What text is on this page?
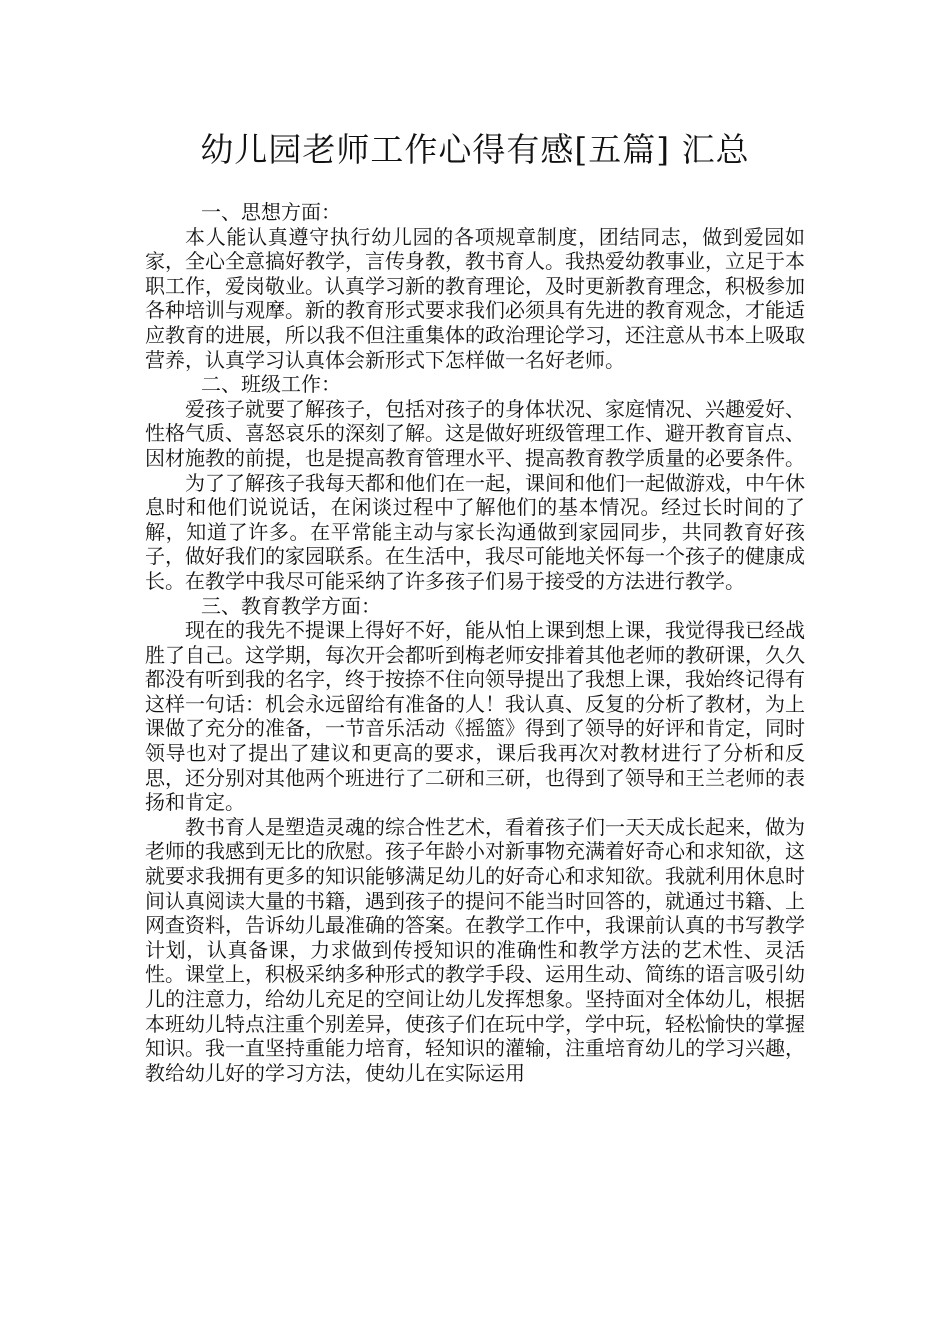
幼儿园老师工作心得有感[五篇] 汇总

一、思想方面：

本人能认真遵守执行幼儿园的各项规章制度，团结同志，做到爱园如家，全心全意搞好教学，言传身教，教书育人。我热爱幼教事业，立足于本职工作，爱岗敬业。认真学习新的教育理论，及时更新教育理念，积极参加各种培训与观摩。新的教育形式要求我们必须具有先进的教育观念，才能适应教育的进展，所以我不但注重集体的政治理论学习，还注意从书本上吸取营养，认真学习认真体会新形式下怎样做一名好老师。

二、班级工作：

爱孩子就要了解孩子，包括对孩子的身体状况、家庭情况、兴趣爱好、性格气质、喜怒哀乐的深刻了解。这是做好班级管理工作、避开教育盲点、因材施教的前提，也是提高教育管理水平、提高教育教学质量的必要条件。

为了了解孩子我每天都和他们在一起，课间和他们一起做游戏，中午休息时和他们说说话，在闲谈过程中了解他们的基本情况。经过长时间的了解，知道了许多。在平常能主动与家长沟通做到家园同步，共同教育好孩子，做好我们的家园联系。在生活中，我尽可能地关怀每一个孩子的健康成长。在教学中我尽可能采纳了许多孩子们易于接受的方法进行教学。

三、教育教学方面：

现在的我先不提课上得好不好，能从怕上课到想上课，我觉得我已经战胜了自己。这学期，每次开会都听到梅老师安排着其他老师的教研课，久久都没有听到我的名字，终于按捺不住向领导提出了我想上课，我始终记得有这样一句话：机会永远留给有准备的人！我认真、反复的分析了教材，为上课做了充分的准备，一节音乐活动《摇篮》得到了领导的好评和肯定，同时领导也对了提出了建议和更高的要求，课后我再次对教材进行了分析和反思，还分别对其他两个班进行了二研和三研，也得到了领导和王兰老师的表扬和肯定。

教书育人是塑造灵魂的综合性艺术，看着孩子们一天天成长起来，做为老师的我感到无比的欣慰。孩子年龄小对新事物充满着好奇心和求知欲，这就要求我拥有更多的知识能够满足幼儿的好奇心和求知欲。我就利用休息时间认真阅读大量的书籍，遇到孩子的提问不能当时回答的，就通过书籍、上网查资料，告诉幼儿最准确的答案。在教学工作中，我课前认真的书写教学计划，认真备课，力求做到传授知识的准确性和教学方法的艺术性、灵活性。课堂上，积极采纳多种形式的教学手段、运用生动、简练的语言吸引幼儿的注意力，给幼儿充足的空间让幼儿发挥想象。坚持面对全体幼儿，根据本班幼儿特点注重个别差异，使孩子们在玩中学，学中玩，轻松愉快的掌握知识。我一直坚持重能力培育，轻知识的灌输，注重培育幼儿的学习兴趣，教给幼儿好的学习方法，使幼儿在实际运用
